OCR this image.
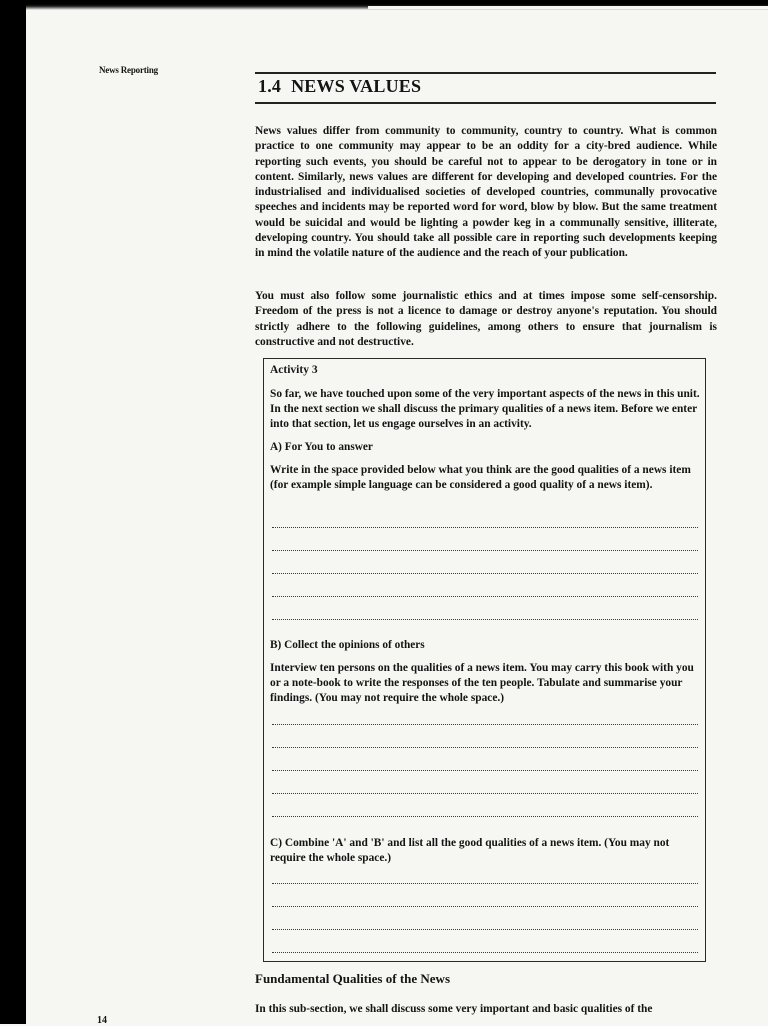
News Reporting
1.4 NEWS VALUES

News values differ from community to community, country to country. What is common practice to one community may appear to be an oddity for a city-bred audience. While reporting such events, you should be careful not to appear to be derogatory in tone or in content. Similarly, news values are different for developing and developed countries. For the industrialised and individualised societies of developed countries, communally provocative speeches and incidents may be reported word for word, blow by blow. But the same treatment would be suicidal and would be lighting a powder keg in a communally sensitive, illiterate, developing country. You should take all possible care in reporting such developments keeping in mind the volatile nature of the audience and the reach of your publication.

You must also follow some journalistic ethics and at times impose some self-censorship. Freedom of the press is not a licence to damage or destroy anyone's reputation. You should strictly adhere to the following guidelines, among others to ensure that journalism is constructive and not destructive.

Activity 3

So far, we have touched upon some of the very important aspects of the news in this unit. In the next section we shall discuss the primary qualities of a news item. Before we enter into that section, let us engage ourselves in an activity.

A) For You to answer

Write in the space provided below what you think are the good qualities of a news item (for example simple language can be considered a good quality of a news item).

B) Collect the opinions of others

Interview ten persons on the qualities of a news item. You may carry this book with you or a note-book to write the responses of the ten people. Tabulate and summarise your findings. (You may not require the whole space.)

C) Combine 'A' and 'B' and list all the good qualities of a news item. (You may not require the whole space.)

Fundamental Qualities of the News

In this sub-section, we shall discuss some very important and basic qualities of the

14
